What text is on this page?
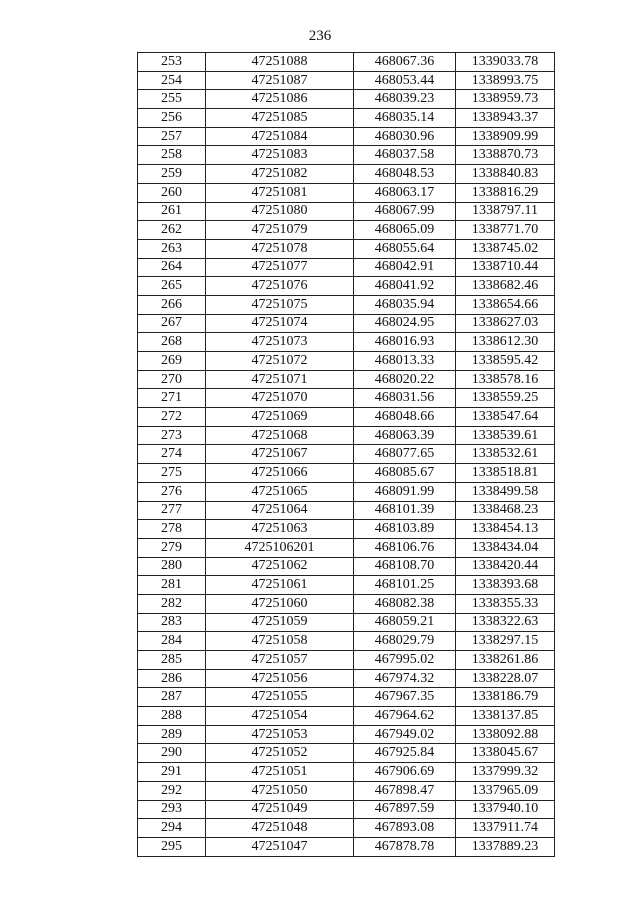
236
253	47251088	468067.36	1339033.78
254	47251087	468053.44	1338993.75
255	47251086	468039.23	1338959.73
256	47251085	468035.14	1338943.37
257	47251084	468030.96	1338909.99
258	47251083	468037.58	1338870.73
259	47251082	468048.53	1338840.83
260	47251081	468063.17	1338816.29
261	47251080	468067.99	1338797.11
262	47251079	468065.09	1338771.70
263	47251078	468055.64	1338745.02
264	47251077	468042.91	1338710.44
265	47251076	468041.92	1338682.46
266	47251075	468035.94	1338654.66
267	47251074	468024.95	1338627.03
268	47251073	468016.93	1338612.30
269	47251072	468013.33	1338595.42
270	47251071	468020.22	1338578.16
271	47251070	468031.56	1338559.25
272	47251069	468048.66	1338547.64
273	47251068	468063.39	1338539.61
274	47251067	468077.65	1338532.61
275	47251066	468085.67	1338518.81
276	47251065	468091.99	1338499.58
277	47251064	468101.39	1338468.23
278	47251063	468103.89	1338454.13
279	4725106201	468106.76	1338434.04
280	47251062	468108.70	1338420.44
281	47251061	468101.25	1338393.68
282	47251060	468082.38	1338355.33
283	47251059	468059.21	1338322.63
284	47251058	468029.79	1338297.15
285	47251057	467995.02	1338261.86
286	47251056	467974.32	1338228.07
287	47251055	467967.35	1338186.79
288	47251054	467964.62	1338137.85
289	47251053	467949.02	1338092.88
290	47251052	467925.84	1338045.67
291	47251051	467906.69	1337999.32
292	47251050	467898.47	1337965.09
293	47251049	467897.59	1337940.10
294	47251048	467893.08	1337911.74
295	47251047	467878.78	1337889.23
